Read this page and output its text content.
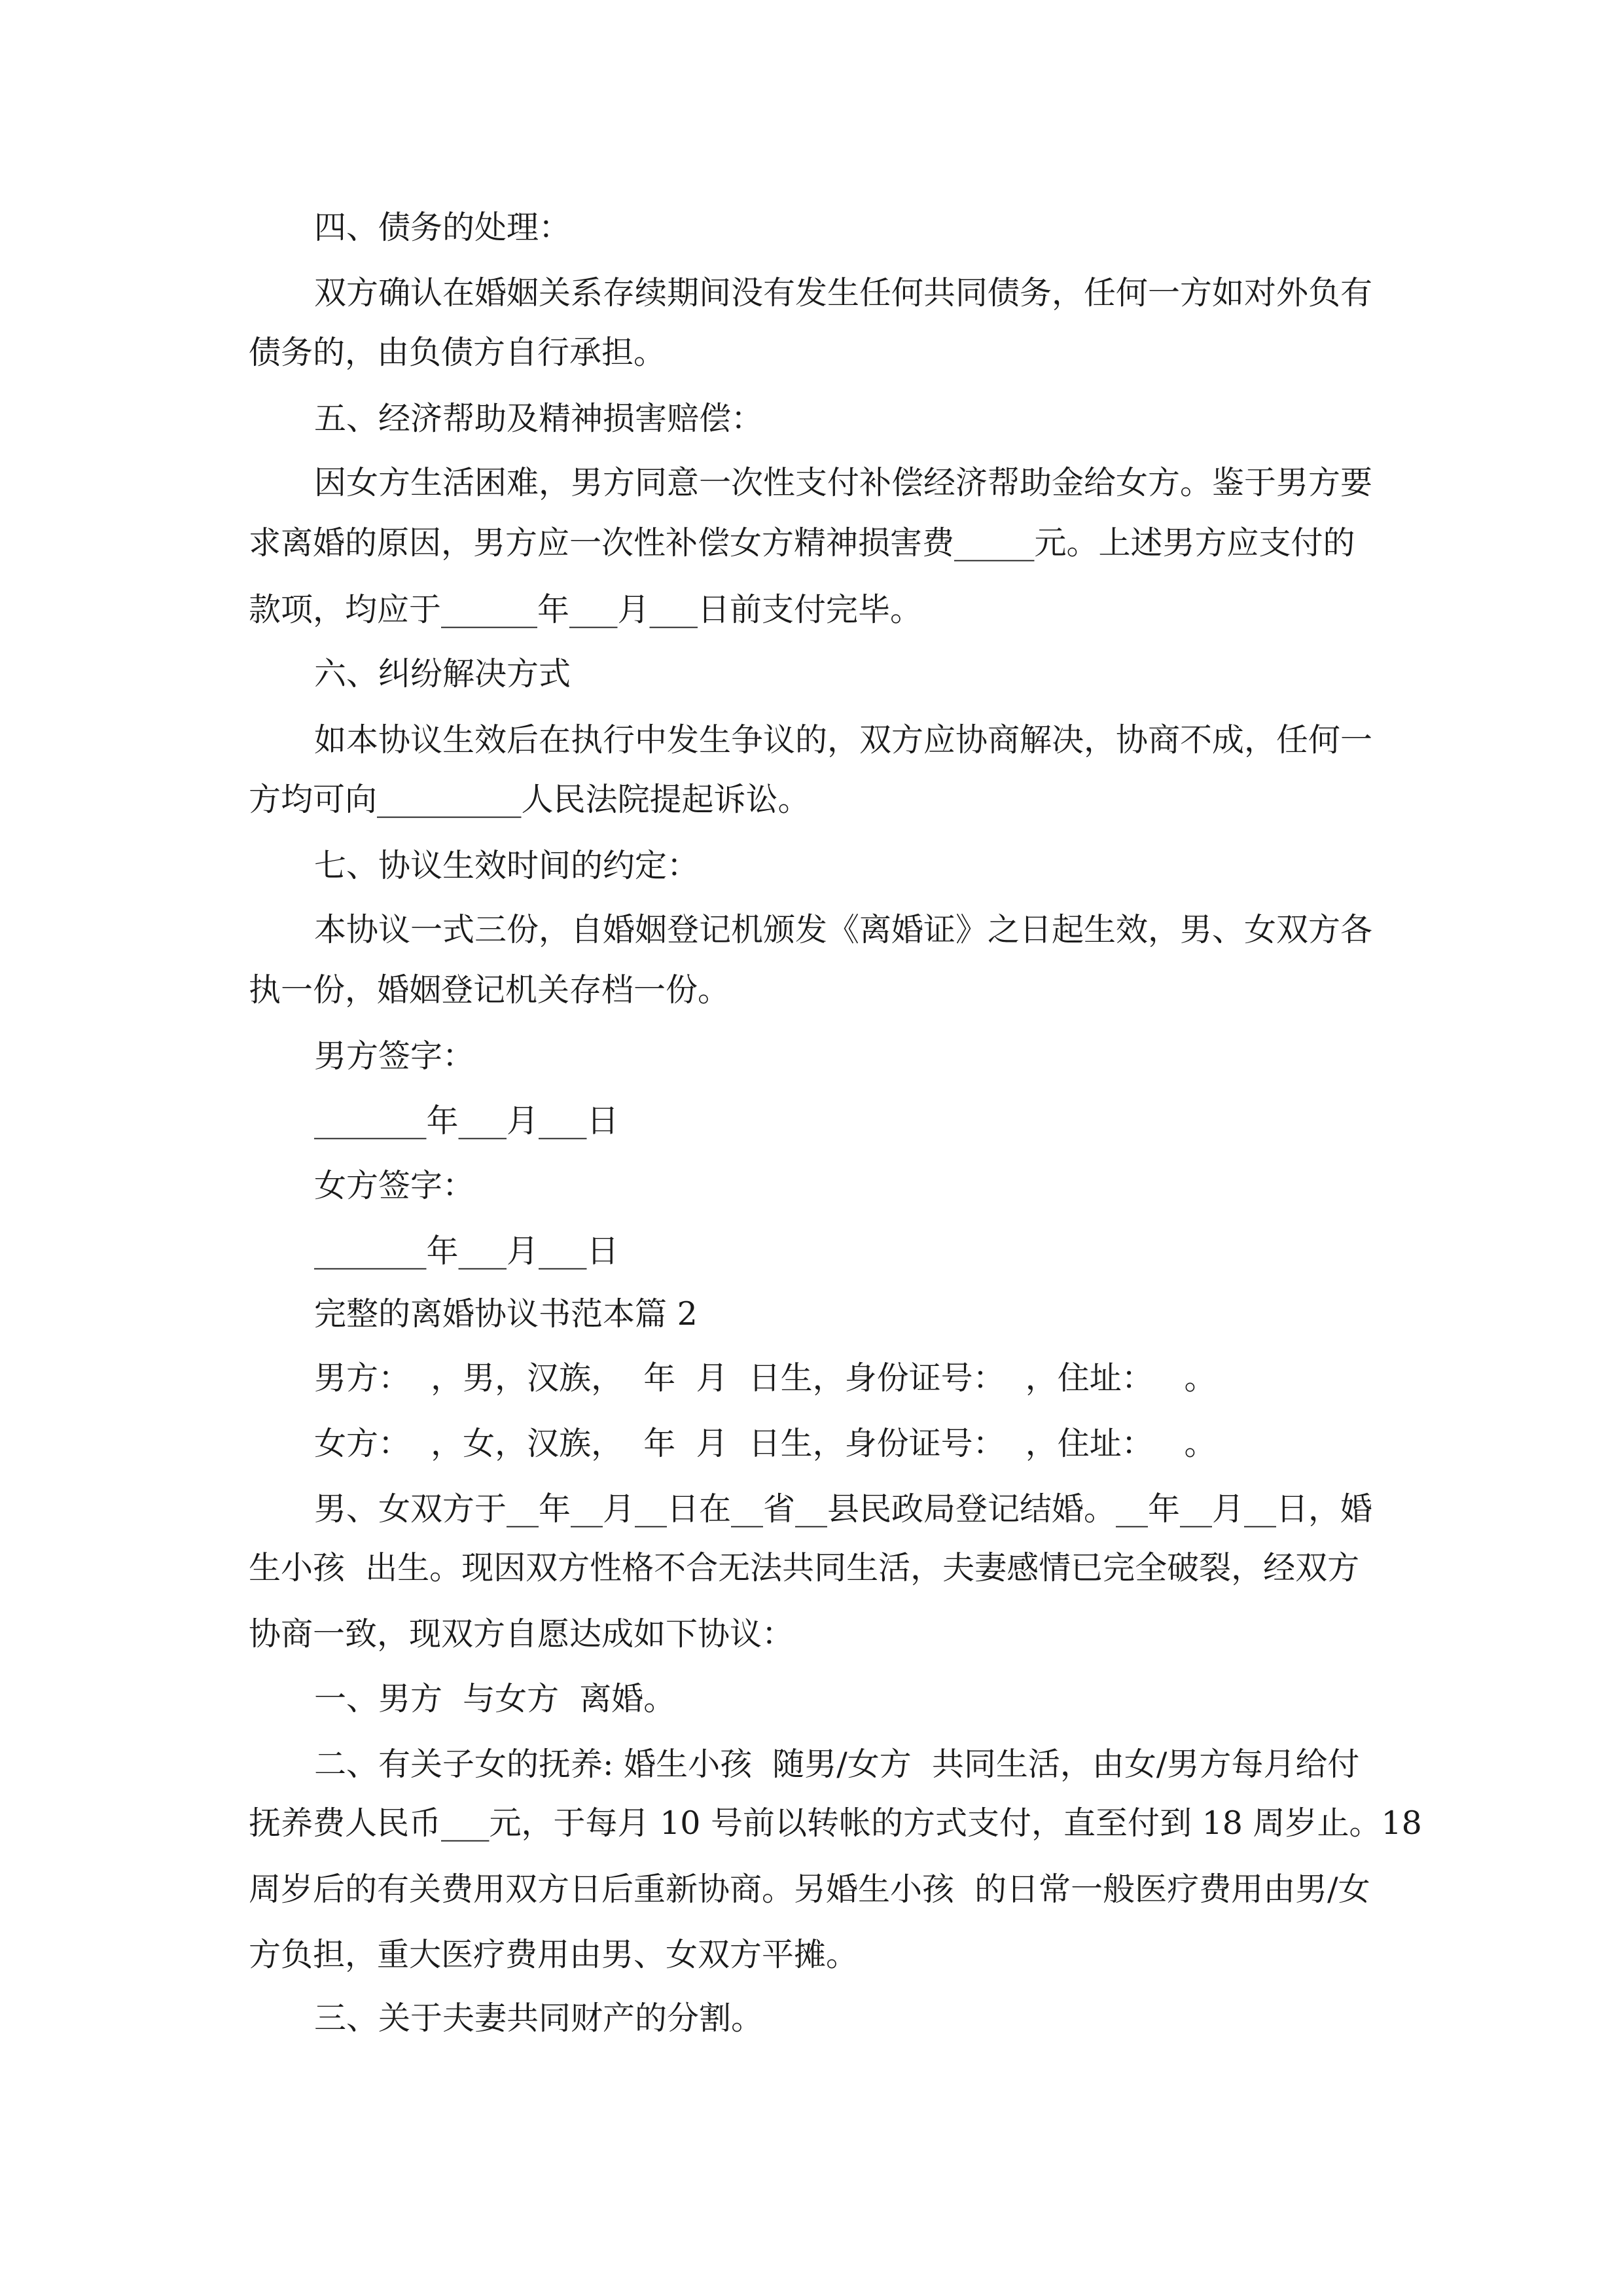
四、债务的处理：
双方确认在婚姻关系存续期间没有发生任何共同债务，任何一方如对外负有
债务的，由负债方自行承担。
五、经济帮助及精神损害赔偿：
因女方生活困难，男方同意一次性支付补偿经济帮助金给女方。鉴于男方要
求离婚的原因，男方应一次性补偿女方精神损害费_____元。上述男方应支付的
款项，均应于______年___月___日前支付完毕。
六、纠纷解决方式
如本协议生效后在执行中发生争议的，双方应协商解决，协商不成，任何一
方均可向_________人民法院提起诉讼。
七、协议生效时间的约定：
本协议一式三份，自婚姻登记机颁发《离婚证》之日起生效，男、女双方各
执一份，婚姻登记机关存档一份。
男方签字：
_______年___月___日
女方签字：
_______年___月___日
完整的离婚协议书范本篇 2
男方：  ，男，汉族，  年  月  日生，身份证号：  ，住址：   。
女方：  ，女，汉族，  年  月  日生，身份证号：  ，住址：   。
男、女双方于__年__月__日在__省__县民政局登记结婚。__年__月__日，婚
生小孩  出生。现因双方性格不合无法共同生活，夫妻感情已完全破裂，经双方
协商一致，现双方自愿达成如下协议：
一、男方  与女方  离婚。
二、有关子女的抚养: 婚生小孩  随男/女方  共同生活，由女/男方每月给付
抚养费人民币___元，于每月 10 号前以转帐的方式支付，直至付到 18 周岁止。18
周岁后的有关费用双方日后重新协商。另婚生小孩  的日常一般医疗费用由男/女
方负担，重大医疗费用由男、女双方平摊。
三、关于夫妻共同财产的分割。
